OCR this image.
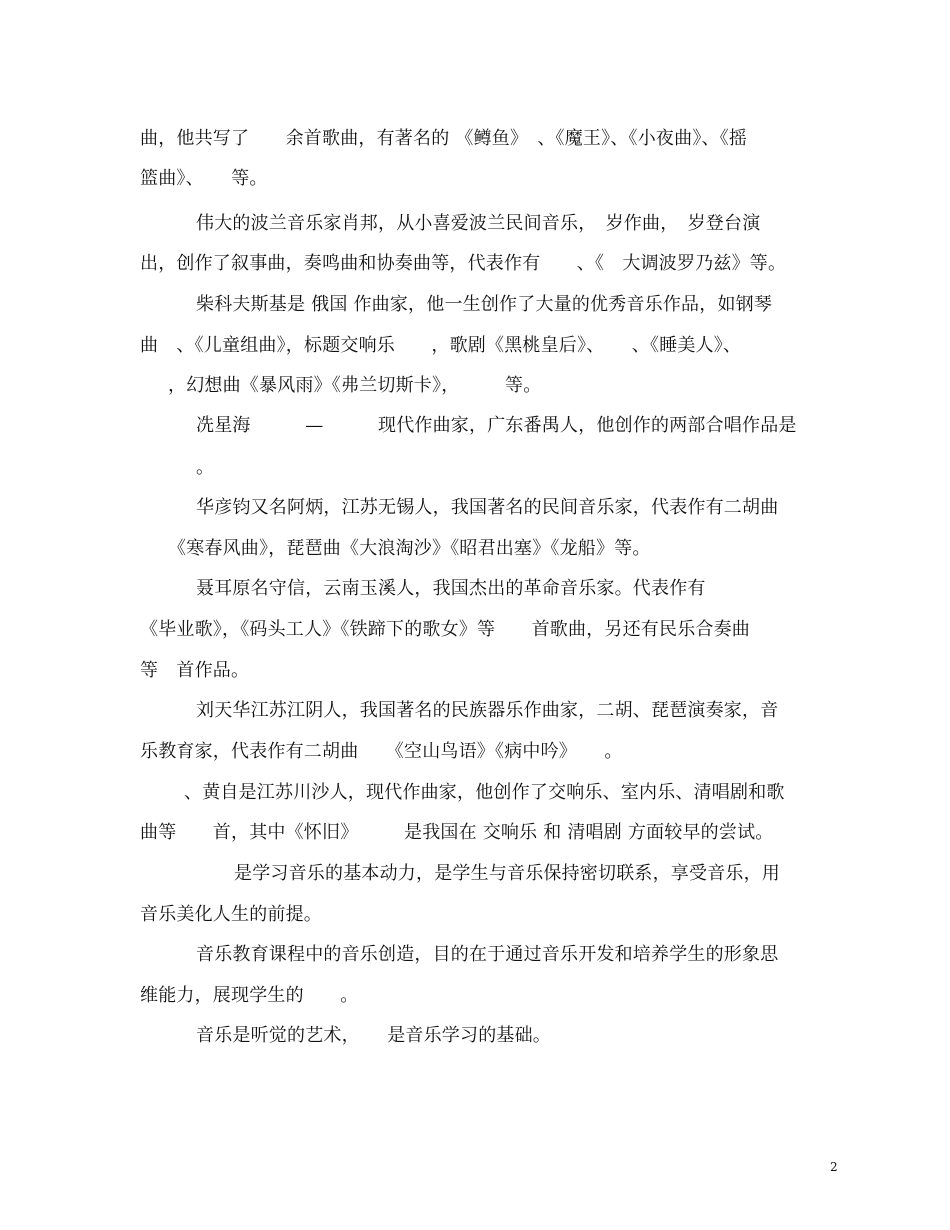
曲，他共写了　　余首歌曲，有著名的 《鳟鱼》　、《魔王》、《小夜曲》、《摇
篮曲》、　　等。
伟大的波兰音乐家肖邦，从小喜爱波兰民间音乐，　岁作曲，　岁登台演
出，创作了叙事曲，奏鸣曲和协奏曲等，代表作有　　、《　大调波罗乃兹》等。
柴科夫斯基是 俄国 作曲家，他一生创作了大量的优秀音乐作品，如钢琴
曲　、《儿童组曲》，标题交响乐　　，歌剧《黑桃皇后》、　　、《睡美人》、
，幻想曲《暴风雨》《弗兰切斯卡》，　　　等。
冼星海　　　—　　　现代作曲家，广东番禺人，他创作的两部合唱作品是
。
华彦钧又名阿炳，江苏无锡人，我国著名的民间音乐家，代表作有二胡曲
《寒春风曲》，琵琶曲《大浪淘沙》《昭君出塞》《龙船》等。
聂耳原名守信，云南玉溪人，我国杰出的革命音乐家。代表作有
《毕业歌》，《码头工人》《铁蹄下的歌女》等　　首歌曲，另还有民乐合奏曲
等　首作品。
刘天华江苏江阴人，我国著名的民族器乐作曲家，二胡、琵琶演奏家，音
乐教育家，代表作有二胡曲　　《空山鸟语》《病中吟》　　。
、黄自是江苏川沙人，现代作曲家，他创作了交响乐、室内乐、清唱剧和歌
曲等　　首，其中《怀旧》　　　是我国在 交响乐 和 清唱剧 方面较早的尝试。
是学习音乐的基本动力，是学生与音乐保持密切联系，享受音乐，用
音乐美化人生的前提。
音乐教育课程中的音乐创造，目的在于通过音乐开发和培养学生的形象思
维能力，展现学生的　　。
音乐是听觉的艺术，　　是音乐学习的基础。
2
